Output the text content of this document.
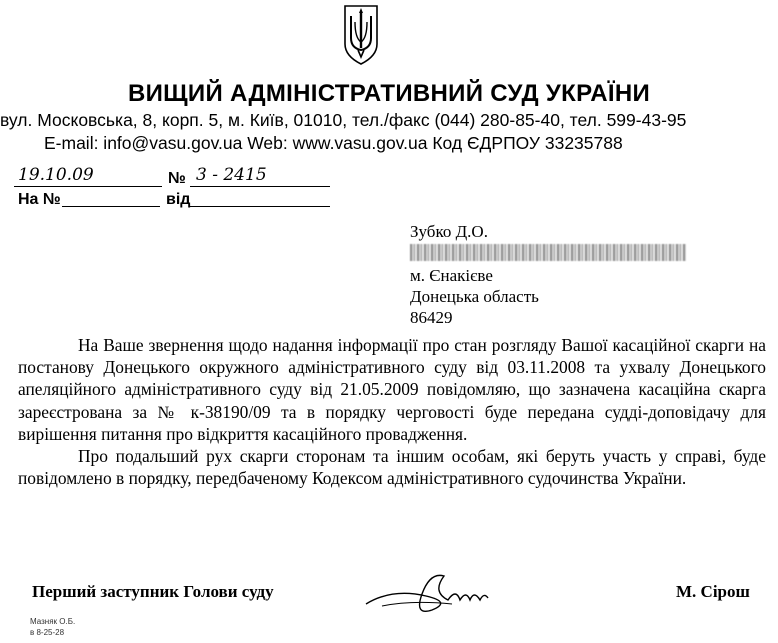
ВИЩИЙ АДМІНІСТРАТИВНИЙ СУД УКРАЇНИ
вул. Московська, 8, корп. 5, м. Київ, 01010, тел./факс (044) 280-85-40, тел. 599-43-95
E-mail: info@vasu.gov.ua Web: www.vasu.gov.ua Код ЄДРПОУ 33235788
19.10.09	№ 3 - 2415
На №	від
Зубко Д.О.
м. Єнакієве
Донецька область
86429

На Ваше звернення щодо надання інформації про стан розгляду Вашої касаційної скарги на постанову Донецького окружного адміністративного суду від 03.11.2008 та ухвалу Донецького апеляційного адміністративного суду від 21.05.2009 повідомляю, що зазначена касаційна скарга зареєстрована за № к-38190/09 та в порядку черговості буде передана судді-доповідачу для вирішення питання про відкриття касаційного провадження.

Про подальший рух скарги сторонам та іншим особам, які беруть участь у справі, буде повідомлено в порядку, передбаченому Кодексом адміністративного судочинства України.

Перший заступник Голови суду	М. Сірош
Мазняк О.Б.
в 8-25-28
